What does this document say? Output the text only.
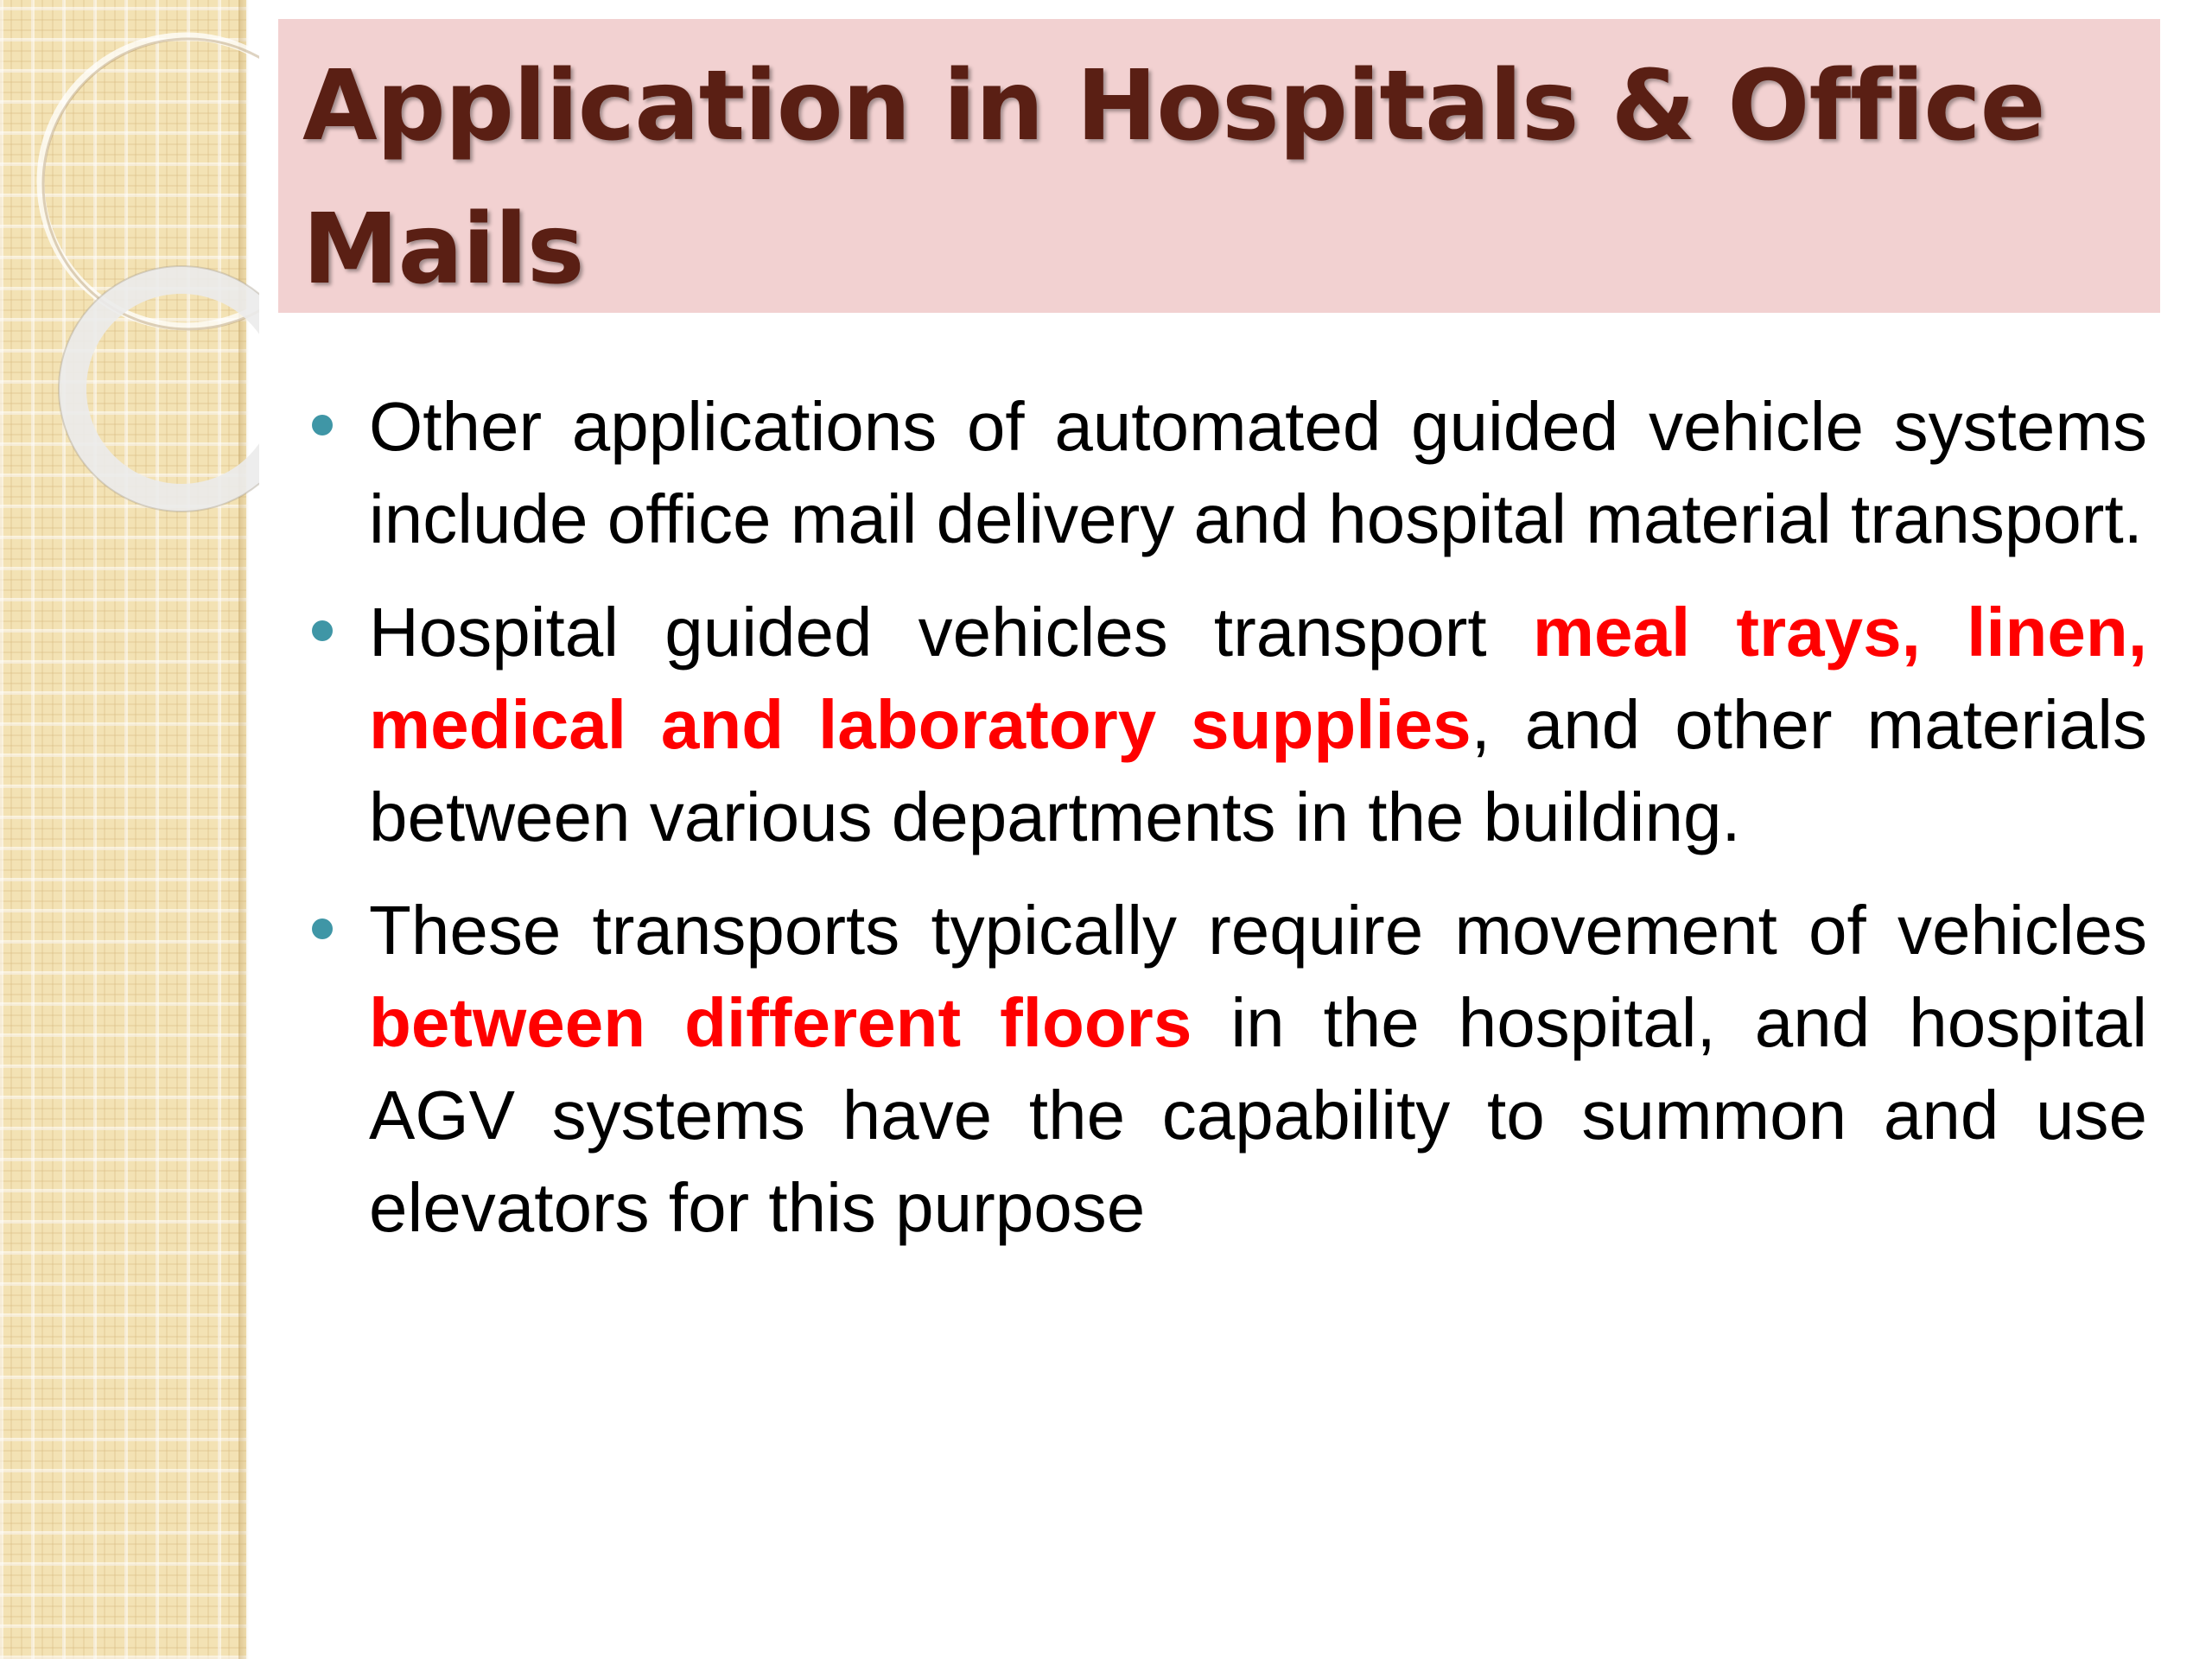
Application in Hospitals & Office Mails
Other applications of automated guided vehicle systems include office mail delivery and hospital material transport.
Hospital guided vehicles transport meal trays, linen, medical and laboratory supplies, and other materials between various departments in the building.
These transports typically require movement of vehicles between different floors in the hospital, and hospital AGV systems have the capability to summon and use elevators for this purpose
